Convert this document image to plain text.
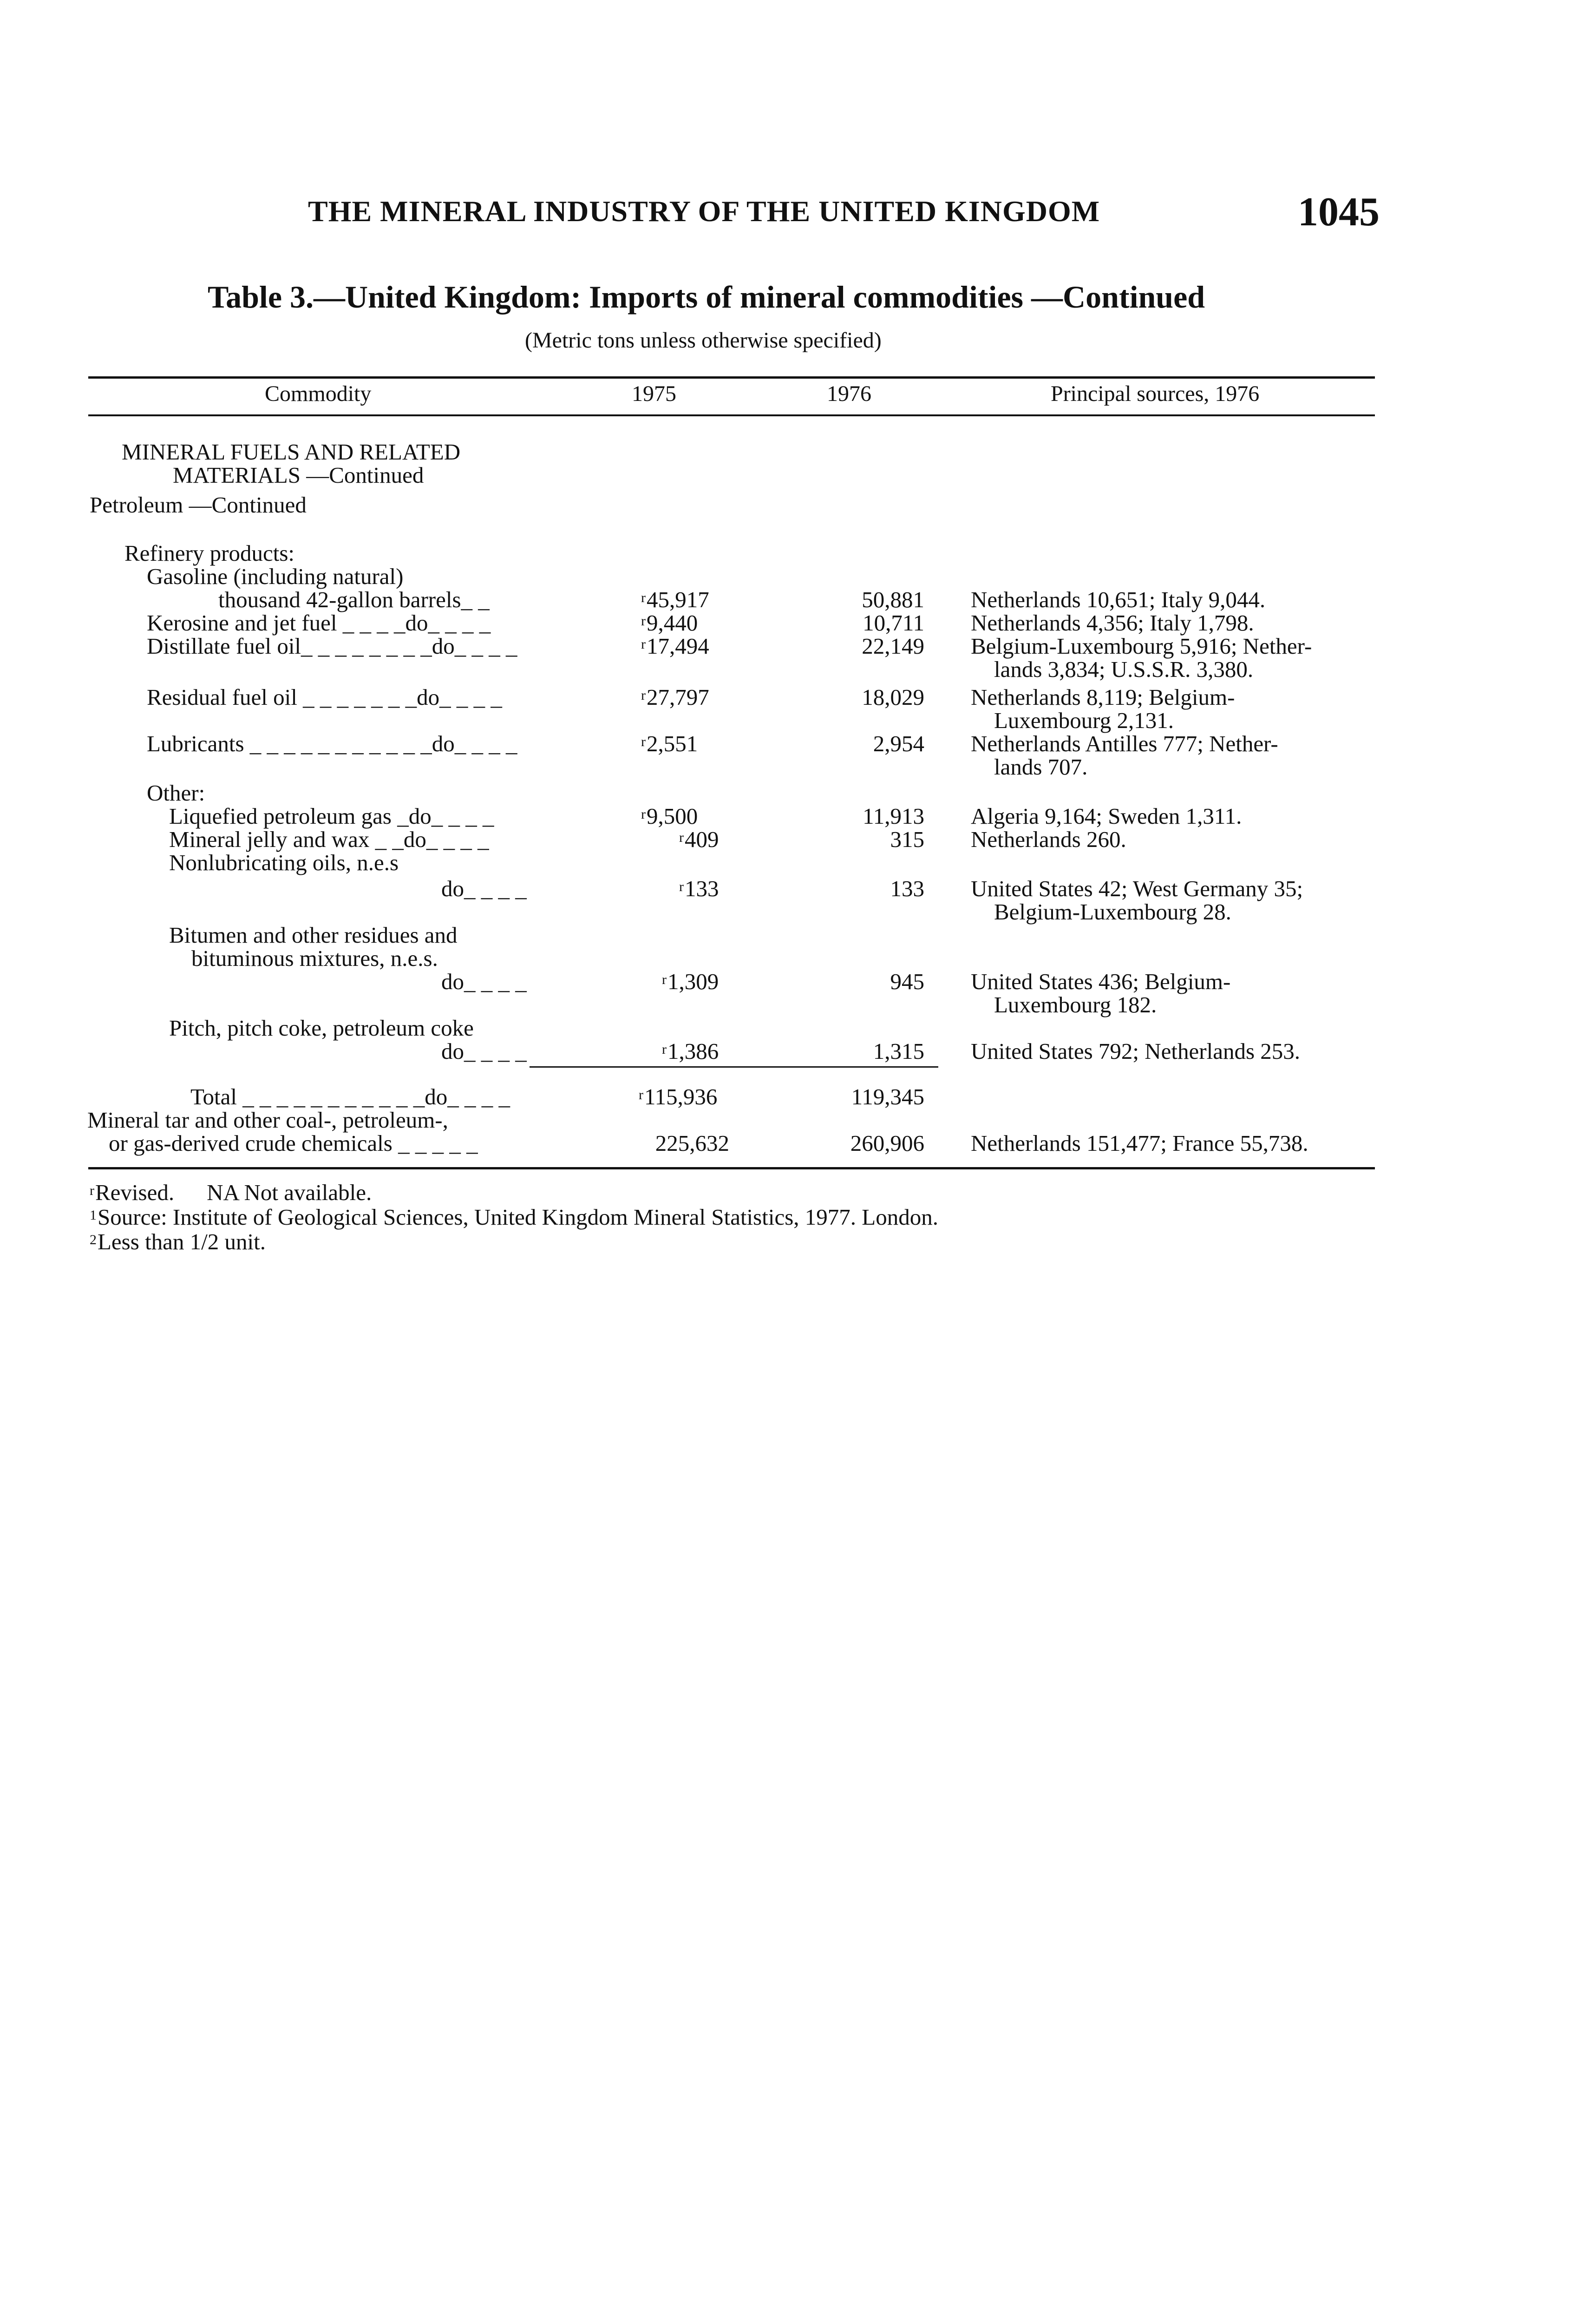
THE MINERAL INDUSTRY OF THE UNITED KINGDOM	1045
Table 3.—United Kingdom: Imports of mineral commodities —Continued
(Metric tons unless otherwise specified)
Commodity	1975	1976	Principal sources, 1976
MINERAL FUELS AND RELATED
MATERIALS —Continued
Petroleum —Continued
Refinery products:
Gasoline (including natural)
thousand 42-gallon barrels_ _	$^r$45,917	50,881 Netherlands 10,651; Italy 9,044.
Kerosine and jet fuel _ _ _ _do_ _ _ _	$^r$9,440	10,711 Netherlands 4,356; Italy 1,798.
Distillate fuel oil_ _ _ _ _ _ _ _do_ _ _ _	$^r$17,494	22,149 Belgium-Luxembourg 5,916; Nether-
lands 3,834; U.S.S.R. 3,380.
Residual fuel oil _ _ _ _ _ _ _do_ _ _ _	$^r$27,797	18,029 Netherlands 8,119; Belgium-
Luxembourg 2,131.
Lubricants _ _ _ _ _ _ _ _ _ _ _do_ _ _ _	$^r$2,551	2,954 Netherlands Antilles 777; Nether-
lands 707.
Other:
Liquefied petroleum gas _do_ _ _ _	$^r$9,500	11,913 Algeria 9,164; Sweden 1,311.
Mineral jelly and wax _ _do_ _ _ _	$^r$409	315 Netherlands 260.
Nonlubricating oils, n.e.s
do_ _ _ _	$^r$133	133 United States 42; West Germany 35;
Belgium-Luxembourg 28.
Bitumen and other residues and
bituminous mixtures, n.e.s.
do_ _ _ _	$^r$1,309	945 United States 436; Belgium-
Luxembourg 182.
Pitch, pitch coke, petroleum coke
do_ _ _ _	$^r$1,386	1,315 United States 792; Netherlands 253.
Total _ _ _ _ _ _ _ _ _ _ _do_ _ _ _	$^r$115,936	119,345
Mineral tar and other coal-, petroleum-,
or gas-derived crude chemicals _ _ _ _ _	225,632	260,906 Netherlands 151,477; France 55,738.
$^r$Revised. NA Not available.
$^1$Source: Institute of Geological Sciences, United Kingdom Mineral Statistics, 1977. London.
$^2$Less than 1/2 unit.
